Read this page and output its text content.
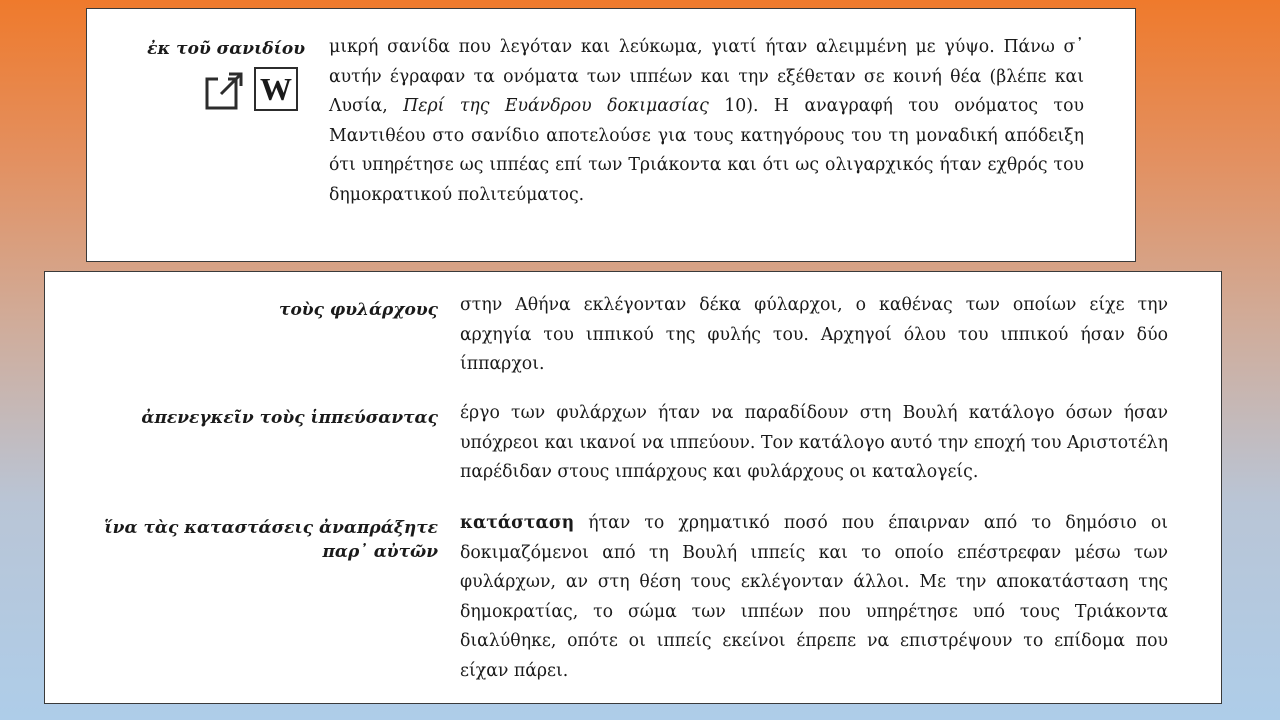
ἐκ τοῦ σανιδίου
W
μικρή σανίδα που λεγόταν και λεύκωμα, γιατί ήταν αλειμμένη με γύψο. Πάνω σ᾽ αυτήν έγραφαν τα ονόματα των ιππέων και την εξέθεταν σε κοινή θέα (βλέπε και Λυσία, Περί της Ευάνδρου δοκιμασίας 10). Η αναγραφή του ονόματος του Μαντιθέου στο σανίδιο αποτελούσε για τους κατηγόρους του τη μοναδική απόδειξη ότι υπηρέτησε ως ιππέας επί των Τριάκοντα και ότι ως ολιγαρχικός ήταν εχθρός του δημοκρατικού πολιτεύματος.
τοὺς φυλάρχους στην Αθήνα εκλέγονταν δέκα φύλαρχοι, ο καθένας των οποίων είχε την αρχηγία του ιππικού της φυλής του. Αρχηγοί όλου του ιππικού ήσαν δύο ίππαρχοι.
ἀπενεγκεῖν τοὺς ἱππεύσαντας έργο των φυλάρχων ήταν να παραδίδουν στη Βουλή κατάλογο όσων ήσαν υπόχρεοι και ικανοί να ιππεύουν. Τον κατάλογο αυτό την εποχή του Αριστοτέλη παρέδιδαν στους ιππάρχους και φυλάρχους οι καταλογείς.
ἵνα τὰς καταστάσεις ἀναπράξητε παρ᾽ αὐτῶν
κατάσταση ήταν το χρηματικό ποσό που έπαιρναν από το δημόσιο οι δοκιμαζόμενοι από τη Βουλή ιππείς και το οποίο επέστρεφαν μέσω των φυλάρχων, αν στη θέση τους εκλέγονταν άλλοι. Με την αποκατάσταση της δημοκρατίας, το σώμα των ιππέων που υπηρέτησε υπό τους Τριάκοντα διαλύθηκε, οπότε οι ιππείς εκείνοι έπρεπε να επιστρέψουν το επίδομα που είχαν πάρει.
